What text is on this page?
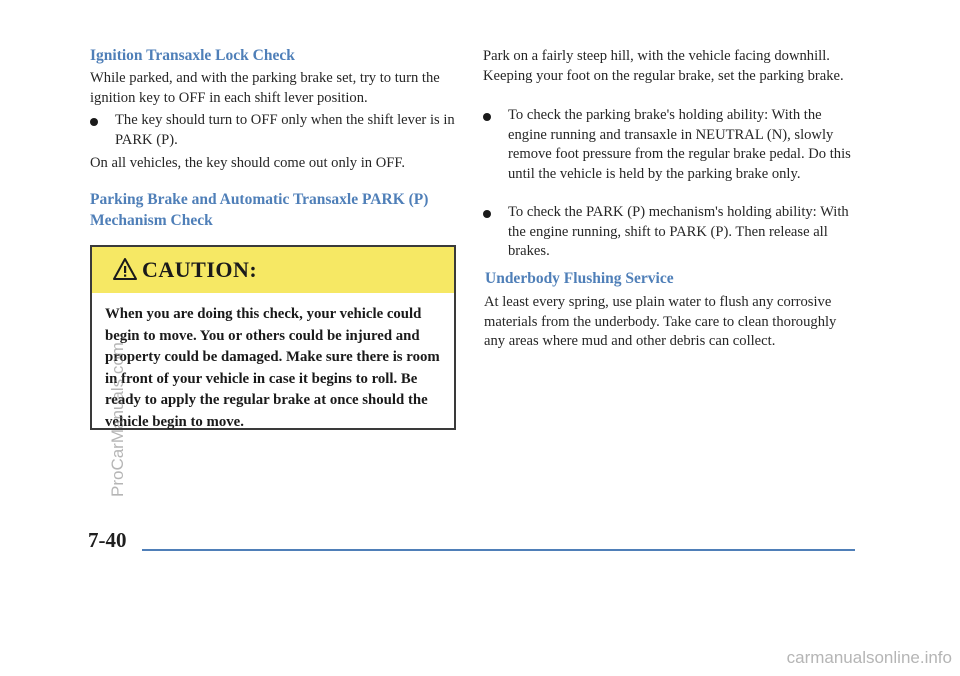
Ignition Transaxle Lock Check

While parked, and with the parking brake set, try to turn the ignition key to OFF in each shift lever position.

The key should turn to OFF only when the shift lever is in PARK (P).

On all vehicles, the key should come out only in OFF.

Parking Brake and Automatic Transaxle PARK (P) Mechanism Check

CAUTION:

When you are doing this check, your vehicle could begin to move. You or others could be injured and property could be damaged. Make sure there is room in front of your vehicle in case it begins to roll. Be ready to apply the regular brake at once should the vehicle begin to move.

Park on a fairly steep hill, with the vehicle facing downhill. Keeping your foot on the regular brake, set the parking brake.

To check the parking brake's holding ability: With the engine running and transaxle in NEUTRAL (N), slowly remove foot pressure from the regular brake pedal. Do this until the vehicle is held by the parking brake only.
To check the PARK (P) mechanism's holding ability: With the engine running, shift to PARK (P). Then release all brakes.
Underbody Flushing Service

At least every spring, use plain water to flush any corrosive materials from the underbody. Take care to clean thoroughly any areas where mud and other debris can collect.

7-40

ProCarManuals.com

carmanualsonline.info
